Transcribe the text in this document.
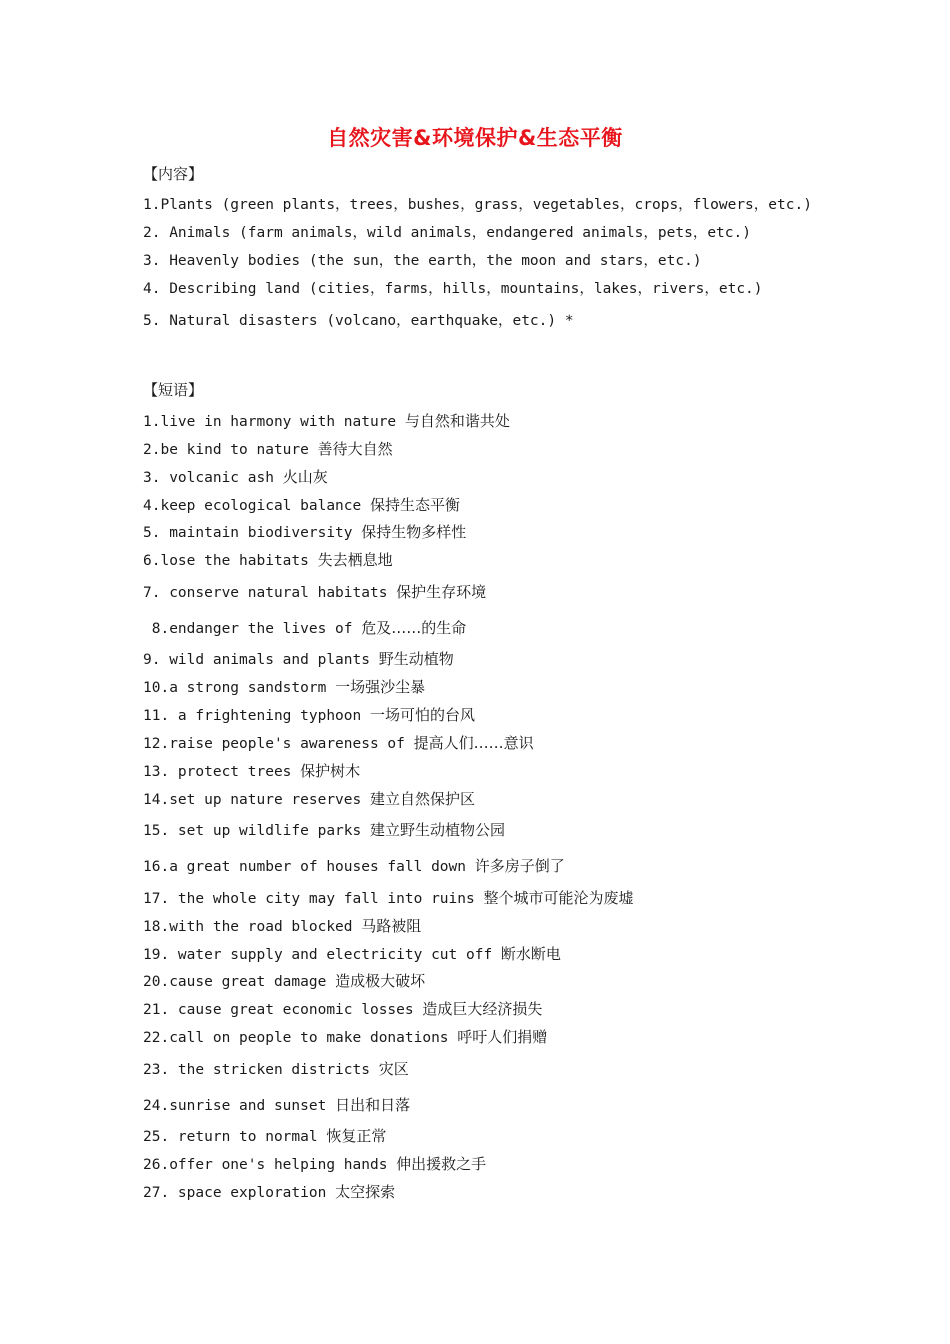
自然灾害&环境保护&生态平衡
【内容】
1.Plants (green plants，trees，bushes，grass，vegetables，crops，flowers，etc.)
2. Animals (farm animals，wild animals，endangered animals，pets，etc.)
3. Heavenly bodies (the sun，the earth，the moon and stars，etc.)
4. Describing land (cities，farms，hills，mountains，lakes，rivers，etc.)
5. Natural disasters (volcano，earthquake，etc.) *
【短语】
1.live in harmony with nature 与自然和谐共处
2.be kind to nature 善待大自然
3. volcanic ash 火山灰
4.keep ecological balance 保持生态平衡
5. maintain biodiversity 保持生物多样性
6.lose the habitats 失去栖息地
7. conserve natural habitats 保护生存环境
8.endanger the lives of 危及……的生命
9. wild animals and plants 野生动植物
10.a strong sandstorm 一场强沙尘暴
11. a frightening typhoon 一场可怕的台风
12.raise people's awareness of 提高人们……意识
13. protect trees 保护树木
14.set up nature reserves 建立自然保护区
15. set up wildlife parks 建立野生动植物公园
16.a great number of houses fall down 许多房子倒了
17. the whole city may fall into ruins 整个城市可能沦为废墟
18.with the road blocked 马路被阻
19. water supply and electricity cut off 断水断电
20.cause great damage 造成极大破坏
21. cause great economic losses 造成巨大经济损失
22.call on people to make donations 呼吁人们捐赠
23. the stricken districts 灾区
24.sunrise and sunset 日出和日落
25. return to normal 恢复正常
26.offer one's helping hands 伸出援救之手
27. space exploration 太空探索
